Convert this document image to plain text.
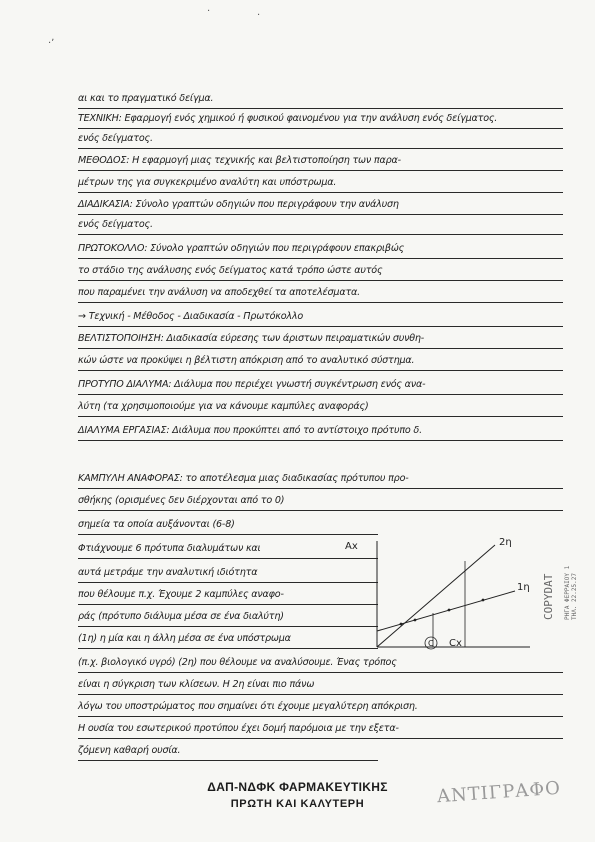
·ʼ
·	·
αι και το πραγματικό δείγμα.
ΤΕΧΝΙΚΗ: Εφαρμογή ενός χημικού ή φυσικού φαινομένου για την ανάλυση ενός δείγματος.
ενός δείγματος.
ΜΕΘΟΔΟΣ: Η εφαρμογή μιας τεχνικής και βελτιστοποίηση των παρα-
μέτρων της για συγκεκριμένο αναλύτη και υπόστρωμα.
ΔΙΑΔΙΚΑΣΙΑ: Σύνολο γραπτών οδηγιών που περιγράφουν την ανάλυση
ενός δείγματος.
ΠΡΩΤΟΚΟΛΛΟ: Σύνολο γραπτών οδηγιών που περιγράφουν επακριβώς
το στάδιο της ανάλυσης ενός δείγματος κατά τρόπο ώστε αυτός
που παραμένει την ανάλυση να αποδεχθεί τα αποτελέσματα.
→ Τεχνική - Μέθοδος - Διαδικασία - Πρωτόκολλο
ΒΕΛΤΙΣΤΟΠΟΙΗΣΗ: Διαδικασία εύρεσης των άριστων πειραματικών συνθη-
κών ώστε να προκύψει η βέλτιστη απόκριση από το αναλυτικό σύστημα.
ΠΡΟΤΥΠΟ ΔΙΑΛΥΜΑ: Διάλυμα που περιέχει γνωστή συγκέντρωση ενός ανα-
λύτη (τα χρησιμοποιούμε για να κάνουμε καμπύλες αναφοράς)
ΔΙΑΛΥΜΑ ΕΡΓΑΣΙΑΣ: Διάλυμα που προκύπτει από το αντίστοιχο πρότυπο δ.
ΚΑΜΠΥΛΗ ΑΝΑΦΟΡΑΣ: το αποτέλεσμα μιας διαδικασίας πρότυπου προ-
σθήκης (ορισμένες δεν διέρχονται από το 0)
σημεία τα οποία αυξάνονται (6-8)
Φτιάχνουμε 6 πρότυπα διαλυμάτων και
αυτά μετράμε την αναλυτική ιδιότητα
που θέλουμε π.χ. Έχουμε 2 καμπύλες αναφο-
ράς (πρότυπο διάλυμα μέσα σε ένα διαλύτη)
(1η) η μία και η άλλη μέσα σε ένα υπόστρωμα
(π.χ. βιολογικό υγρό) (2η) που θέλουμε να αναλύσουμε. Ένας τρόπος
είναι η σύγκριση των κλίσεων. Η 2η είναι πιο πάνω
λόγω του υποστρώματος που σημαίνει ότι έχουμε μεγαλύτερη απόκριση.
Η ουσία του εσωτερικού προτύπου έχει δομή παρόμοια με την εξετα-
ζόμενη καθαρή ουσία.
Αx	2η
1η
C Cx
COPYDAT ΡΗΓΑ ΦΕΡΡΑΙΟΥ 1
ΤΗΛ. 22.25.27
ΔΑΠ-ΝΔΦΚ ΦΑΡΜΑΚΕΥΤΙΚΗΣ
ΠΡΩΤΗ ΚΑΙ ΚΑΛΥΤΕΡΗ	ΑΝΤΙΓΡΑΦΟ
